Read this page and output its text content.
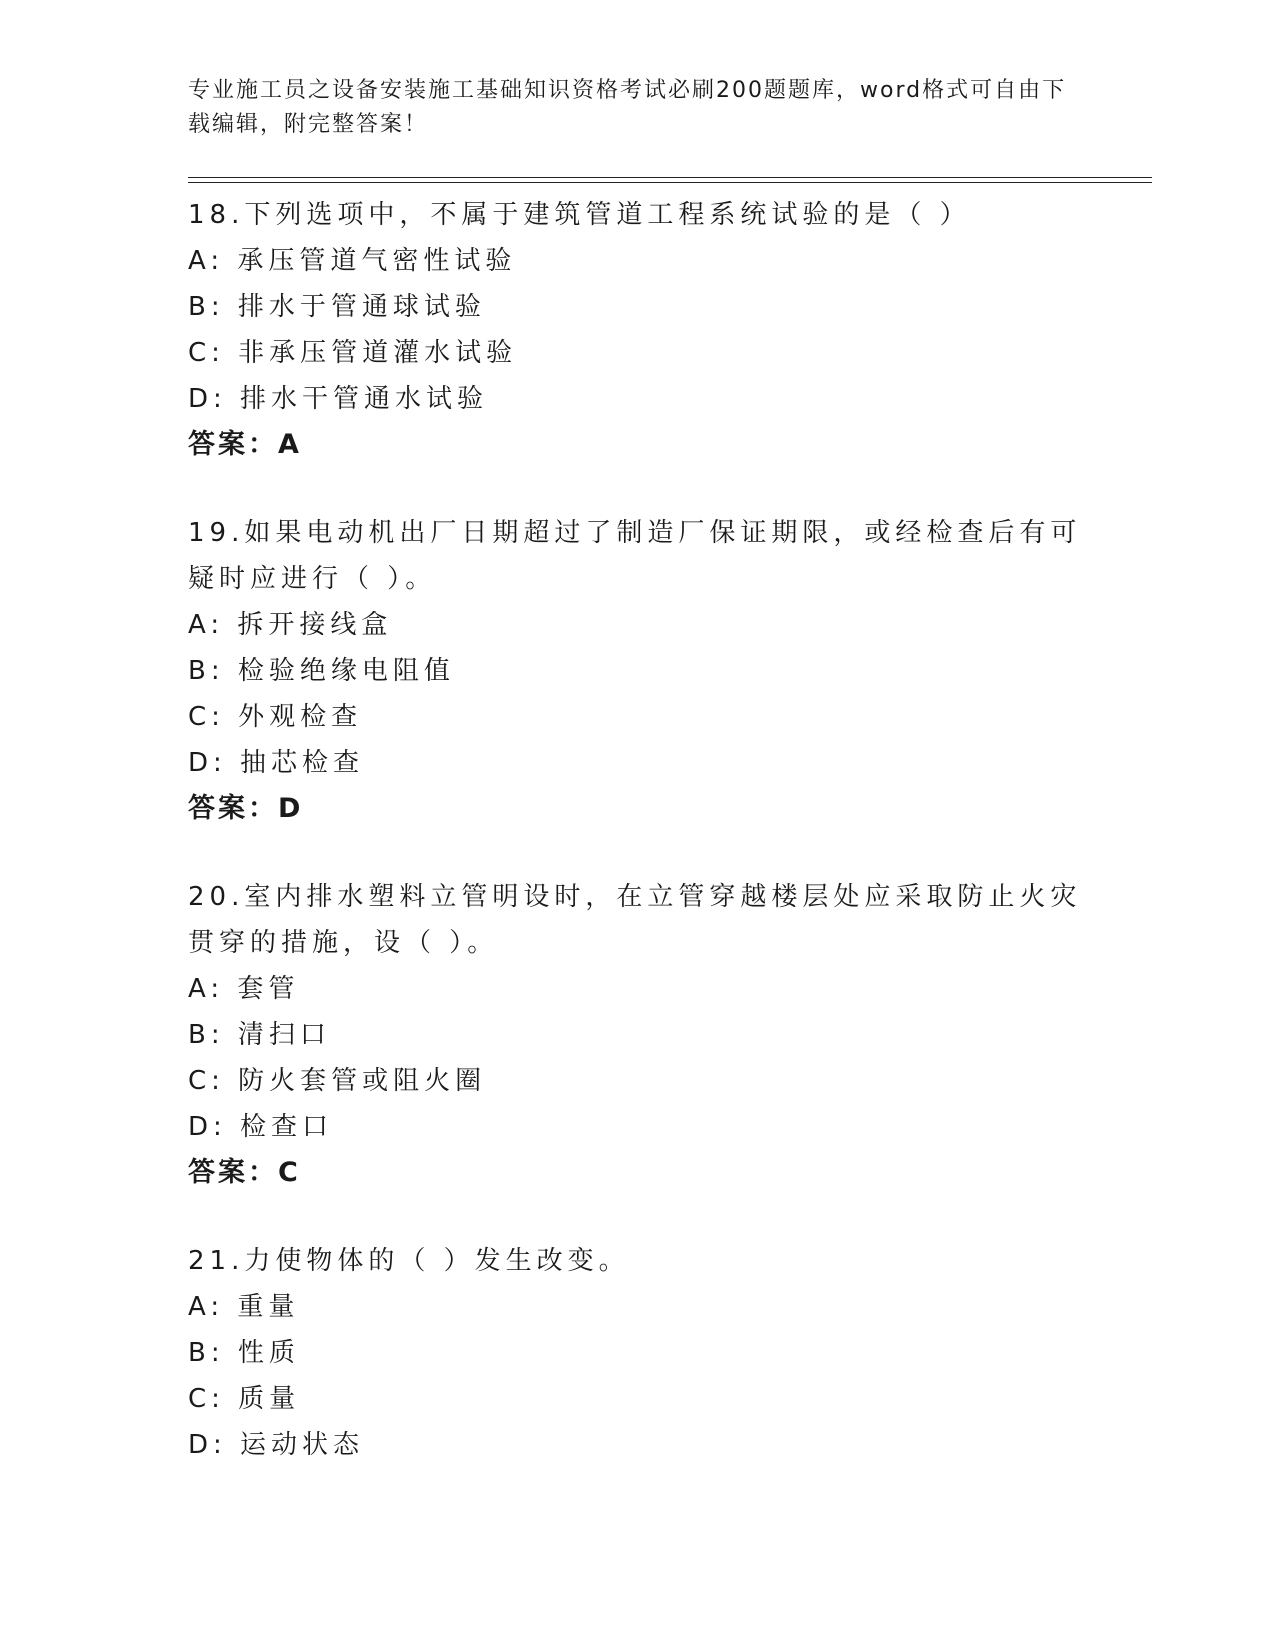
专业施工员之设备安装施工基础知识资格考试必刷200题题库，word格式可自由下载编辑，附完整答案！
18.下列选项中，不属于建筑管道工程系统试验的是（ ）
A: 承压管道气密性试验
B: 排水于管通球试验
C: 非承压管道灌水试验
D: 排水干管通水试验
答案：A
19.如果电动机出厂日期超过了制造厂保证期限，或经检查后有可疑时应进行（ ）。
A: 拆开接线盒
B: 检验绝缘电阻值
C: 外观检查
D: 抽芯检查
答案：D
20.室内排水塑料立管明设时，在立管穿越楼层处应采取防止火灾贯穿的措施，设（ ）。
A: 套管
B: 清扫口
C: 防火套管或阻火圈
D: 检查口
答案：C
21.力使物体的（ ）发生改变。
A: 重量
B: 性质
C: 质量
D: 运动状态
